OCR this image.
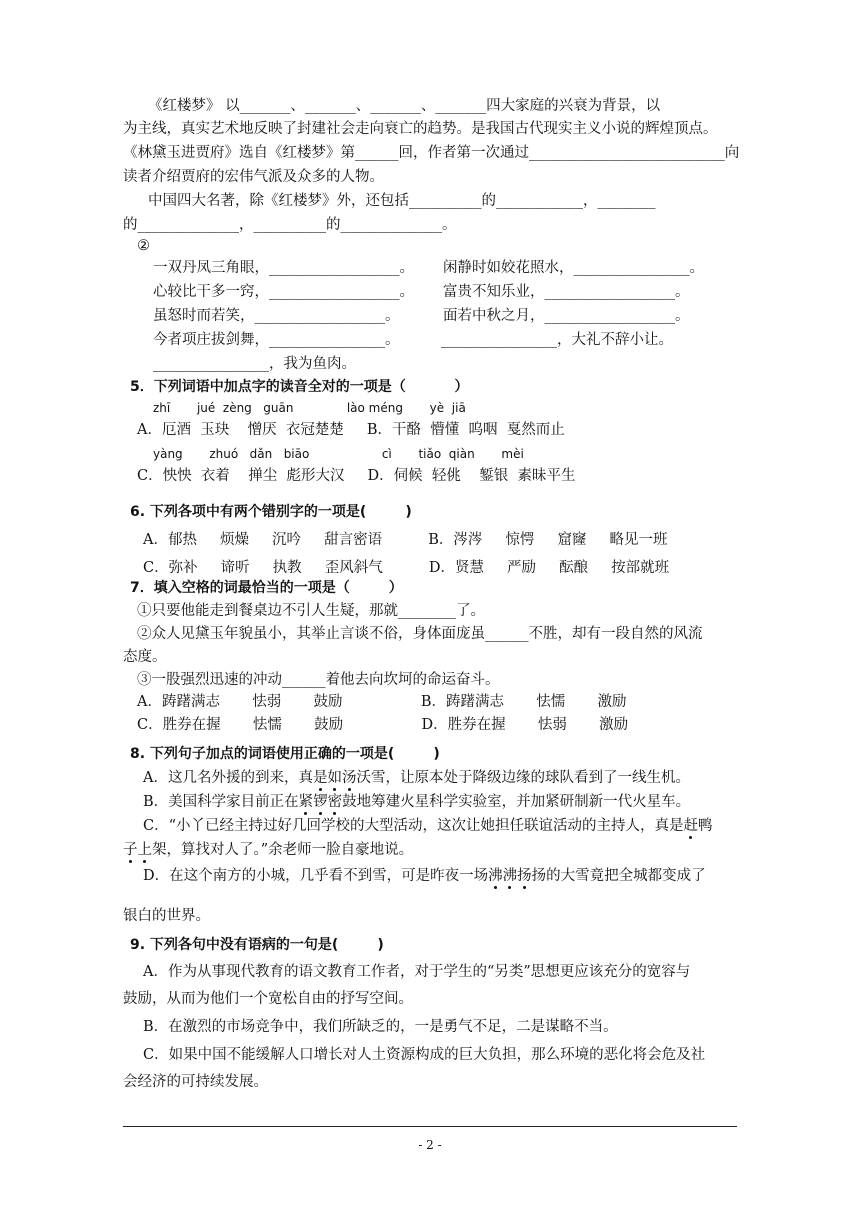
《红楼梦》 以_______、_______、_______、_______四大家庭的兴衰为背景，以
为主线，真实艺术地反映了封建社会走向衰亡的趋势。是我国古代现实主义小说的辉煌顶点。
《林黛玉进贾府》选自《红楼梦》第______回，作者第一次通过___________________________向
读者介绍贾府的宏伟气派及众多的人物。
中国四大名著，除《红楼梦》外，还包括__________的____________，________
的______________，__________的______________。
②
一双丹凤三角眼，__________________。 闲静时如姣花照水，________________。
心较比干多一窍，__________________。 富贵不知乐业，__________________。
虽怒时而若笑，__________________。	面若中秋之月，__________________。
今者项庄拔剑舞，________________。	________________，大礼不辞小让。
________________，我为鱼肉。
5．下列词语中加点字的读音全对的一项是（          ）
zhī       jué  zèng   guān              lào méng       yè  jiā
A．厄酒  玉玦    憎厌  衣冠楚楚     B．干酪  懵懂  呜咽  戛然而止
yàng       zhuó   dǎn   biāo                   cì       tiǎo  qiàn       mèi
C．怏怏  衣着    掸尘  彪形大汉     D．伺候  轻佻    錾银  素昧平生
6. 下列各项中有两个错别字的一项是(        )
A．郁热     烦燥     沉吟     甜言密语          B．涔涔     惊愕     窟窿     略见一班
C．弥补     谛听     执教     歪风斜气          D．贤慧     严励     酝酿     按部就班
7．填入空格的词最恰当的一项是（        ）
①只要他能走到餐桌边不引人生疑，那就________了。
②众人见黛玉年貌虽小，其举止言谈不俗，身体面庞虽______不胜，却有一段自然的风流
态度。
③一股强烈迅速的冲动______着他去向坎坷的命运奋斗。
A．踌躇满志       怯弱       鼓励                 B．踌躇满志       怯懦       激励
C．胜券在握       怯懦       鼓励                 D．胜券在握       怯弱       激励
8. 下列句子加点的词语使用正确的一项是(        )
A．这几名外援的到来，真是如汤沃雪，让原本处于降级边缘的球队看到了一线生机。
B．美国科学家目前正在紧锣密鼓地筹建火星科学实验室，并加紧研制新一代火星车。
C．“小丫已经主持过好几回学校的大型活动，这次让她担任联谊活动的主持人，真是赶鸭
子上架，算找对人了。”余老师一脸自豪地说。
D．在这个南方的小城，几乎看不到雪，可是昨夜一场沸沸扬扬的大雪竟把全城都变成了
银白的世界。
9. 下列各句中没有语病的一句是(        )
A．作为从事现代教育的语文教育工作者，对于学生的“另类”思想更应该充分的宽容与
鼓励，从而为他们一个宽松自由的抒写空间。
B．在激烈的市场竞争中，我们所缺乏的，一是勇气不足，二是谋略不当。
C．如果中国不能缓解人口增长对人土资源构成的巨大负担，那么环境的恶化将会危及社
会经济的可持续发展。
- 2 -
